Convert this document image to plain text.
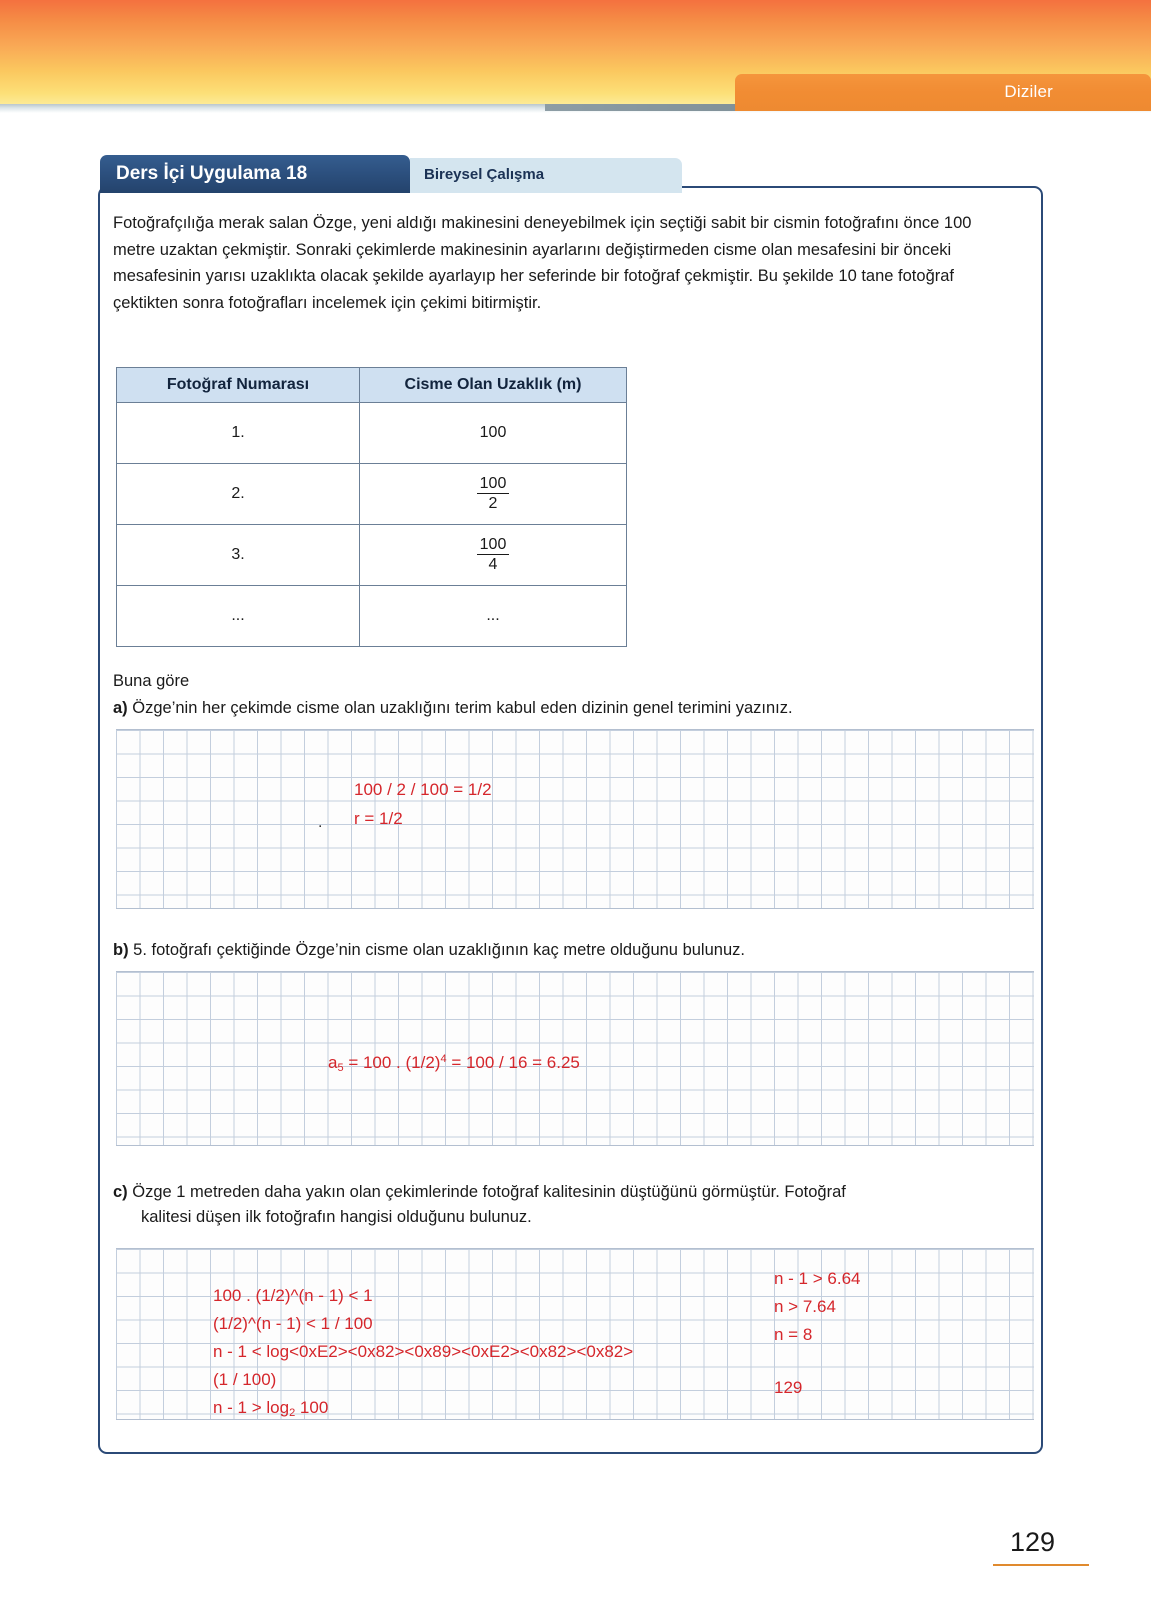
Diziler
Ders İçi Uygulama 18	Bireysel Çalışma
Fotoğrafçılığa merak salan Özge, yeni aldığı makinesini deneyebilmek için seçtiği sabit bir cismin fotoğrafını önce 100 metre uzaktan çekmiştir. Sonraki çekimlerde makinesinin ayarlarını değiştirmeden cisme olan mesafesini bir önceki mesafesinin yarısı uzaklıkta olacak şekilde ayarlayıp her seferinde bir fotoğraf çekmiştir. Bu şekilde 10 tane fotoğraf çektikten sonra fotoğrafları incelemek için çekimi bitirmiştir.
Fotoğraf Numarası	Cisme Olan Uzaklık (m)
1.	100
2.	$\frac{100}{2}$

3.	$\frac{100}{4}$

...	...
Buna göre
a) Özge’nin her çekimde cisme olan uzaklığını terim kabul eden dizinin genel terimini yazınız.
.
100 / 2 / 100 = 1/2
r = 1/2
b) 5. fotoğrafı çektiğinde Özge’nin cisme olan uzaklığının kaç metre olduğunu bulunuz.
$a_5 = 100$ . $(1/2)^4 = 100 / 16 = 6.25$
c) Özge 1 metreden daha yakın olan çekimlerinde fotoğraf kalitesinin düştüğünü görmüştür. Fotoğraf
kalitesi düşen ilk fotoğrafın hangisi olduğunu bulunuz.
100 . (1/2)^(n - 1) < 1
(1/2)^(n - 1) < 1 / 100
n - 1 < log<0xE2><0x82><0x89><0xE2><0x82><0x82>
(1 / 100)
$n - 1 > \log_2 100$
n - 1 > 6.64
n > 7.64
n = 8
129
129
